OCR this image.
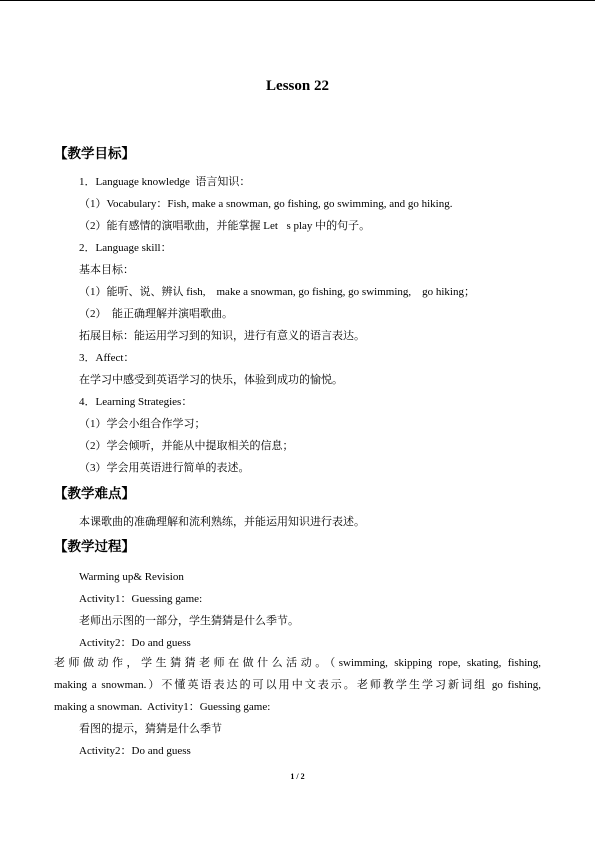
Lesson 22
【教学目标】
1．Language knowledge  语言知识：
（1）Vocabulary：Fish, make a snowman, go fishing, go swimming, and go hiking.
（2）能有感情的演唱歌曲，并能掌握 Let s play 中的句子。
2．Language skill：
基本目标：
（1）能听、说、辨认 fish,    make a snowman, go fishing, go swimming,    go hiking；
（2）  能正确理解并演唱歌曲。
拓展目标：能运用学习到的知识，进行有意义的语言表达。
3．Affect：
在学习中感受到英语学习的快乐，体验到成功的愉悦。
4．Learning Strategies：
（1）学会小组合作学习；
（2）学会倾听，并能从中提取相关的信息；
（3）学会用英语进行简单的表述。
【教学难点】
本课歌曲的准确理解和流利熟练，并能运用知识进行表述。
【教学过程】
Warming up& Revision
Activity1：Guessing game:
老师出示图的一部分，学生猜猜是什么季节。
Activity2：Do and guess
老师做动作，学生猜猜老师在做什么活动。（swimming, skipping rope, skating, fishing,
making a snowman.）不懂英语表达的可以用中文表示。老师教学生学习新词组 go fishing,
making a snowman.  Activity1：Guessing game:
看图的提示，猜猜是什么季节
Activity2：Do and guess
1 / 2
